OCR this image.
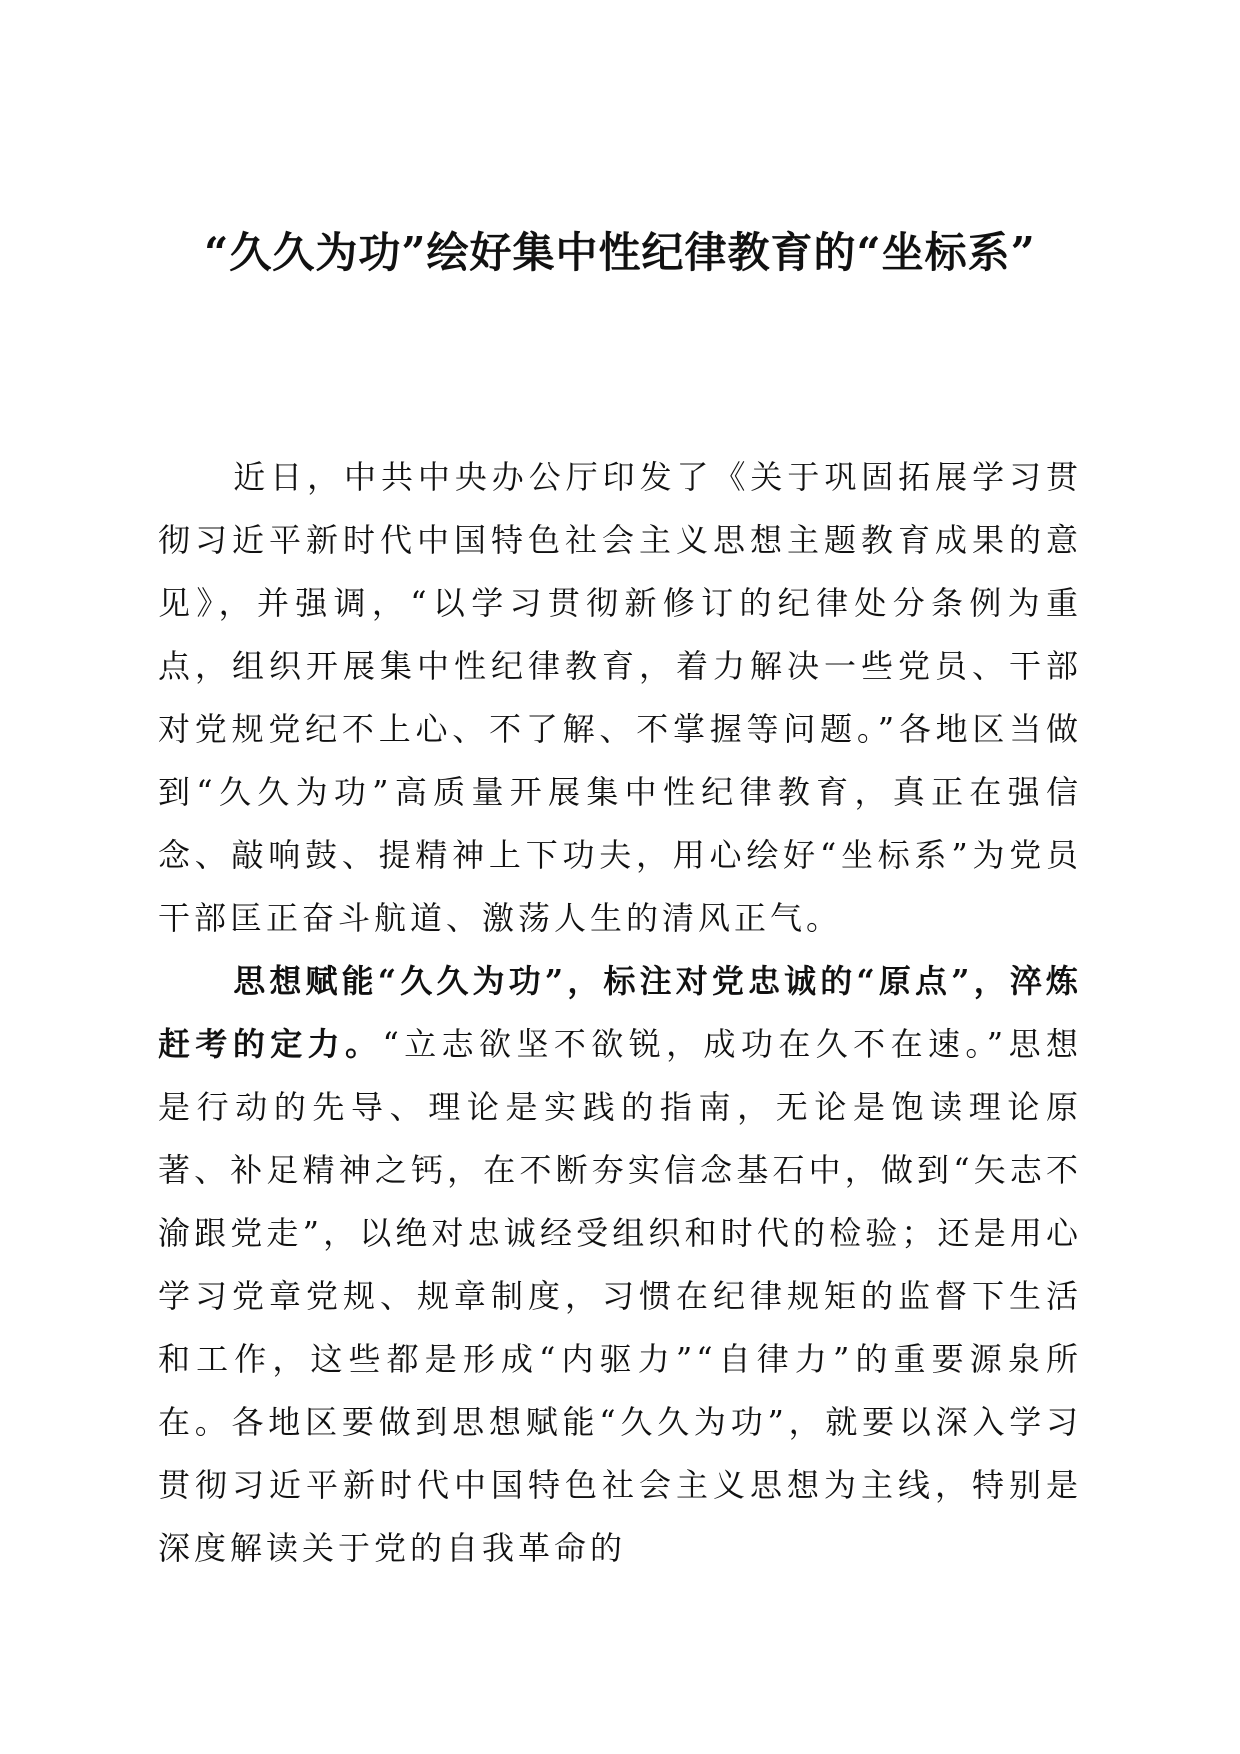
“久久为功”绘好集中性纪律教育的“坐标系”

近日，中共中央办公厅印发了《关于巩固拓展学习贯彻习近平新时代中国特色社会主义思想主题教育成果的意见》，并强调，“以学习贯彻新修订的纪律处分条例为重点，组织开展集中性纪律教育，着力解决一些党员、干部对党规党纪不上心、不了解、不掌握等问题。”各地区当做到“久久为功”高质量开展集中性纪律教育，真正在强信念、敲响鼓、提精神上下功夫，用心绘好“坐标系”为党员干部匡正奋斗航道、激荡人生的清风正气。

思想赋能“久久为功”，标注对党忠诚的“原点”，淬炼赶考的定力。“立志欲坚不欲锐，成功在久不在速。”思想是行动的先导、理论是实践的指南，无论是饱读理论原著、补足精神之钙，在不断夯实信念基石中，做到“矢志不渝跟党走”，以绝对忠诚经受组织和时代的检验；还是用心学习党章党规、规章制度，习惯在纪律规矩的监督下生活和工作，这些都是形成“内驱力”“自律力”的重要源泉所在。各地区要做到思想赋能“久久为功”，就要以深入学习贯彻习近平新时代中国特色社会主义思想为主线，特别是深度解读关于党的自我革命的
